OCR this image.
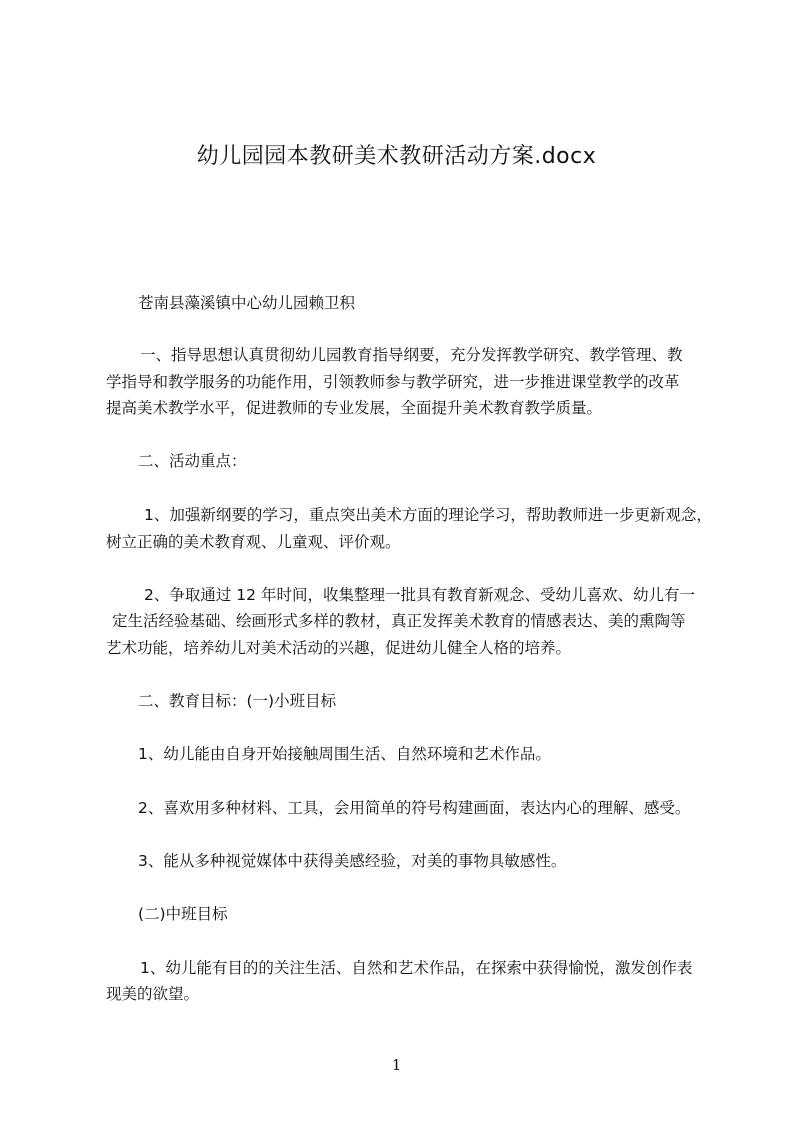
幼儿园园本教研美术教研活动方案.docx
苍南县藻溪镇中心幼儿园赖卫积
一、指导思想认真贯彻幼儿园教育指导纲要，充分发挥教学研究、教学管理、教
学指导和教学服务的功能作用，引领教师参与教学研究，进一步推进课堂教学的改革
提高美术教学水平，促进教师的专业发展，全面提升美术教育教学质量。
二、活动重点：
1、加强新纲要的学习，重点突出美术方面的理论学习，帮助教师进一步更新观念，
树立正确的美术教育观、儿童观、评价观。
2、争取通过 12 年时间，收集整理一批具有教育新观念、受幼儿喜欢、幼儿有一
定生活经验基础、绘画形式多样的教材，真正发挥美术教育的情感表达、美的熏陶等
艺术功能，培养幼儿对美术活动的兴趣，促进幼儿健全人格的培养。
二、教育目标：(一)小班目标
1、幼儿能由自身开始接触周围生活、自然环境和艺术作品。
2、喜欢用多种材料、工具，会用简单的符号构建画面，表达内心的理解、感受。
3、能从多种视觉媒体中获得美感经验，对美的事物具敏感性。
(二)中班目标
1、幼儿能有目的的关注生活、自然和艺术作品，在探索中获得愉悦，激发创作表
现美的欲望。
1
